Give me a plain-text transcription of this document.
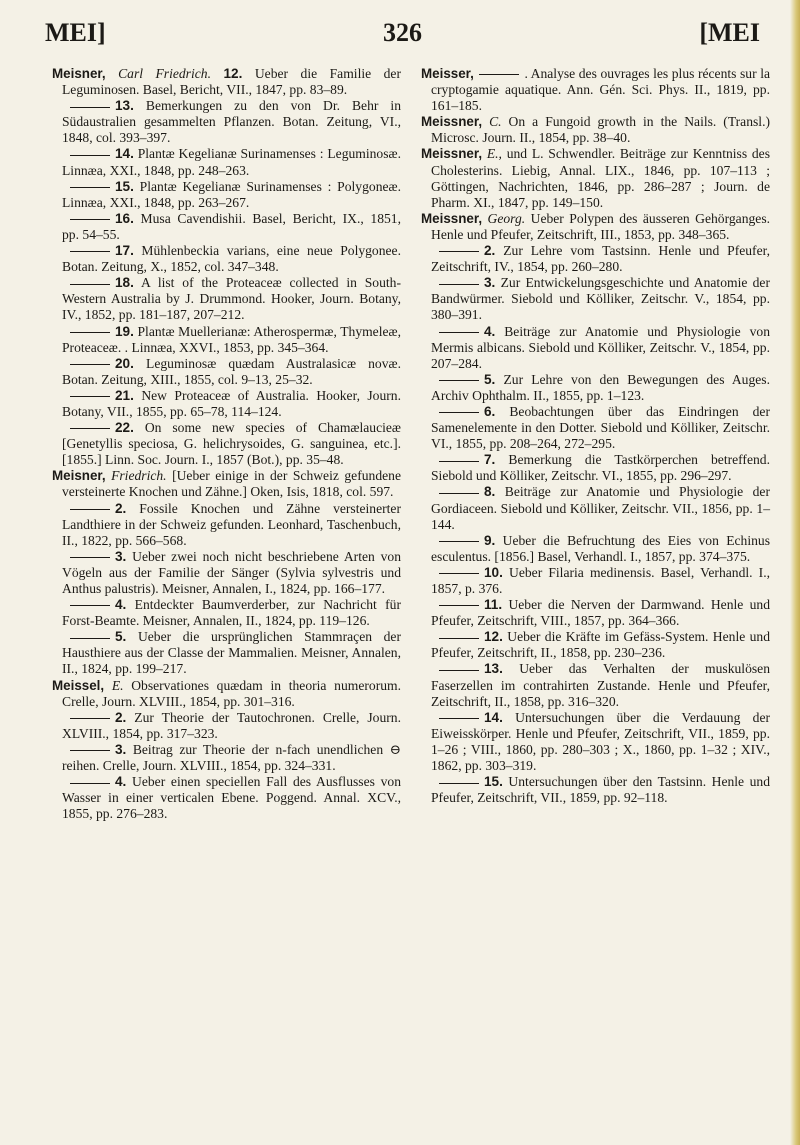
MEI]	326	[MEI
Meisner, Carl Friedrich. 12. Ueber die Familie der Leguminosen. Basel, Bericht, VII., 1847, pp. 83–89.
13. Bemerkungen zu den von Dr. Behr in Südaustralien gesammelten Pflanzen. Botan. Zeitung, VI., 1848, col. 393–397.
14. Plantæ Kegelianæ Surinamenses : Leguminosæ. Linnæa, XXI., 1848, pp. 248–263.
15. Plantæ Kegelianæ Surinamenses : Polygoneæ. Linnæa, XXI., 1848, pp. 263–267.
16. Musa Cavendishii. Basel, Bericht, IX., 1851, pp. 54–55.
17. Mühlenbeckia varians, eine neue Polygonee. Botan. Zeitung, X., 1852, col. 347–348.
18. A list of the Proteaceæ collected in South-Western Australia by J. Drummond. Hooker, Journ. Botany, IV., 1852, pp. 181–187, 207–212.
19. Plantæ Muellerianæ: Atherospermæ, Thymeleæ, Proteaceæ. . Linnæa, XXVI., 1853, pp. 345–364.
20. Leguminosæ quædam Australasicæ novæ. Botan. Zeitung, XIII., 1855, col. 9–13, 25–32.
21. New Proteaceæ of Australia. Hooker, Journ. Botany, VII., 1855, pp. 65–78, 114–124.
22. On some new species of Chamælaucieæ [Genetyllis speciosa, G. helichrysoides, G. sanguinea, etc.]. [1855.] Linn. Soc. Journ. I., 1857 (Bot.), pp. 35–48.
Meisner, Friedrich. [Ueber einige in der Schweiz gefundene versteinerte Knochen und Zähne.] Oken, Isis, 1818, col. 597.
2. Fossile Knochen und Zähne versteinerter Landthiere in der Schweiz gefunden. Leonhard, Taschenbuch, II., 1822, pp. 566–568.
3. Ueber zwei noch nicht beschriebene Arten von Vögeln aus der Familie der Sänger (Sylvia sylvestris und Anthus palustris). Meisner, Annalen, I., 1824, pp. 166–177.
4. Entdeckter Baumverderber, zur Nachricht für Forst-Beamte. Meisner, Annalen, II., 1824, pp. 119–126.
5. Ueber die ursprünglichen Stammraçen der Hausthiere aus der Classe der Mammalien. Meisner, Annalen, II., 1824, pp. 199–217.
Meissel, E. Observationes quædam in theoria numerorum. Crelle, Journ. XLVIII., 1854, pp. 301–316.
2. Zur Theorie der Tautochronen. Crelle, Journ. XLVIII., 1854, pp. 317–323.
3. Beitrag zur Theorie der n-fach unendlichen ⊖ reihen. Crelle, Journ. XLVIII., 1854, pp. 324–331.
4. Ueber einen speciellen Fall des Ausflusses von Wasser in einer verticalen Ebene. Poggend. Annal. XCV., 1855, pp. 276–283.
Meisser,	. Analyse des ouvrages les plus récents sur la cryptogamie aquatique. Ann. Gén. Sci. Phys. II., 1819, pp. 161–185.
Meissner, C. On a Fungoid growth in the Nails. (Transl.) Microsc. Journ. II., 1854, pp. 38–40.
Meissner, E., und L. Schwendler. Beiträge zur Kenntniss des Cholesterins. Liebig, Annal. LIX., 1846, pp. 107–113 ; Göttingen, Nachrichten, 1846, pp. 286–287 ; Journ. de Pharm. XI., 1847, pp. 149–150.
Meissner, Georg. Ueber Polypen des äusseren Gehörganges. Henle und Pfeufer, Zeitschrift, III., 1853, pp. 348–365.
2. Zur Lehre vom Tastsinn. Henle und Pfeufer, Zeitschrift, IV., 1854, pp. 260–280.
3. Zur Entwickelungsgeschichte und Anatomie der Bandwürmer. Siebold und Kölliker, Zeitschr. V., 1854, pp. 380–391.
4. Beiträge zur Anatomie und Physiologie von Mermis albicans. Siebold und Kölliker, Zeitschr. V., 1854, pp. 207–284.
5. Zur Lehre von den Bewegungen des Auges. Archiv Ophthalm. II., 1855, pp. 1–123.
6. Beobachtungen über das Eindringen der Samenelemente in den Dotter. Siebold und Kölliker, Zeitschr. VI., 1855, pp. 208–264, 272–295.
7. Bemerkung die Tastkörperchen betreffend. Siebold und Kölliker, Zeitschr. VI., 1855, pp. 296–297.
8. Beiträge zur Anatomie und Physiologie der Gordiaceen. Siebold und Kölliker, Zeitschr. VII., 1856, pp. 1–144.
9. Ueber die Befruchtung des Eies von Echinus esculentus. [1856.] Basel, Verhandl. I., 1857, pp. 374–375.
10. Ueber Filaria medinensis. Basel, Verhandl. I., 1857, p. 376.
11. Ueber die Nerven der Darmwand. Henle und Pfeufer, Zeitschrift, VIII., 1857, pp. 364–366.
12. Ueber die Kräfte im Gefäss-System. Henle und Pfeufer, Zeitschrift, II., 1858, pp. 230–236.
13. Ueber das Verhalten der muskulösen Faserzellen im contrahirten Zustande. Henle und Pfeufer, Zeitschrift, II., 1858, pp. 316–320.
14. Untersuchungen über die Verdauung der Eiweisskörper. Henle und Pfeufer, Zeitschrift, VII., 1859, pp. 1–26 ; VIII., 1860, pp. 280–303 ; X., 1860, pp. 1–32 ; XIV., 1862, pp. 303–319.
15. Untersuchungen über den Tastsinn. Henle und Pfeufer, Zeitschrift, VII., 1859, pp. 92–118.
